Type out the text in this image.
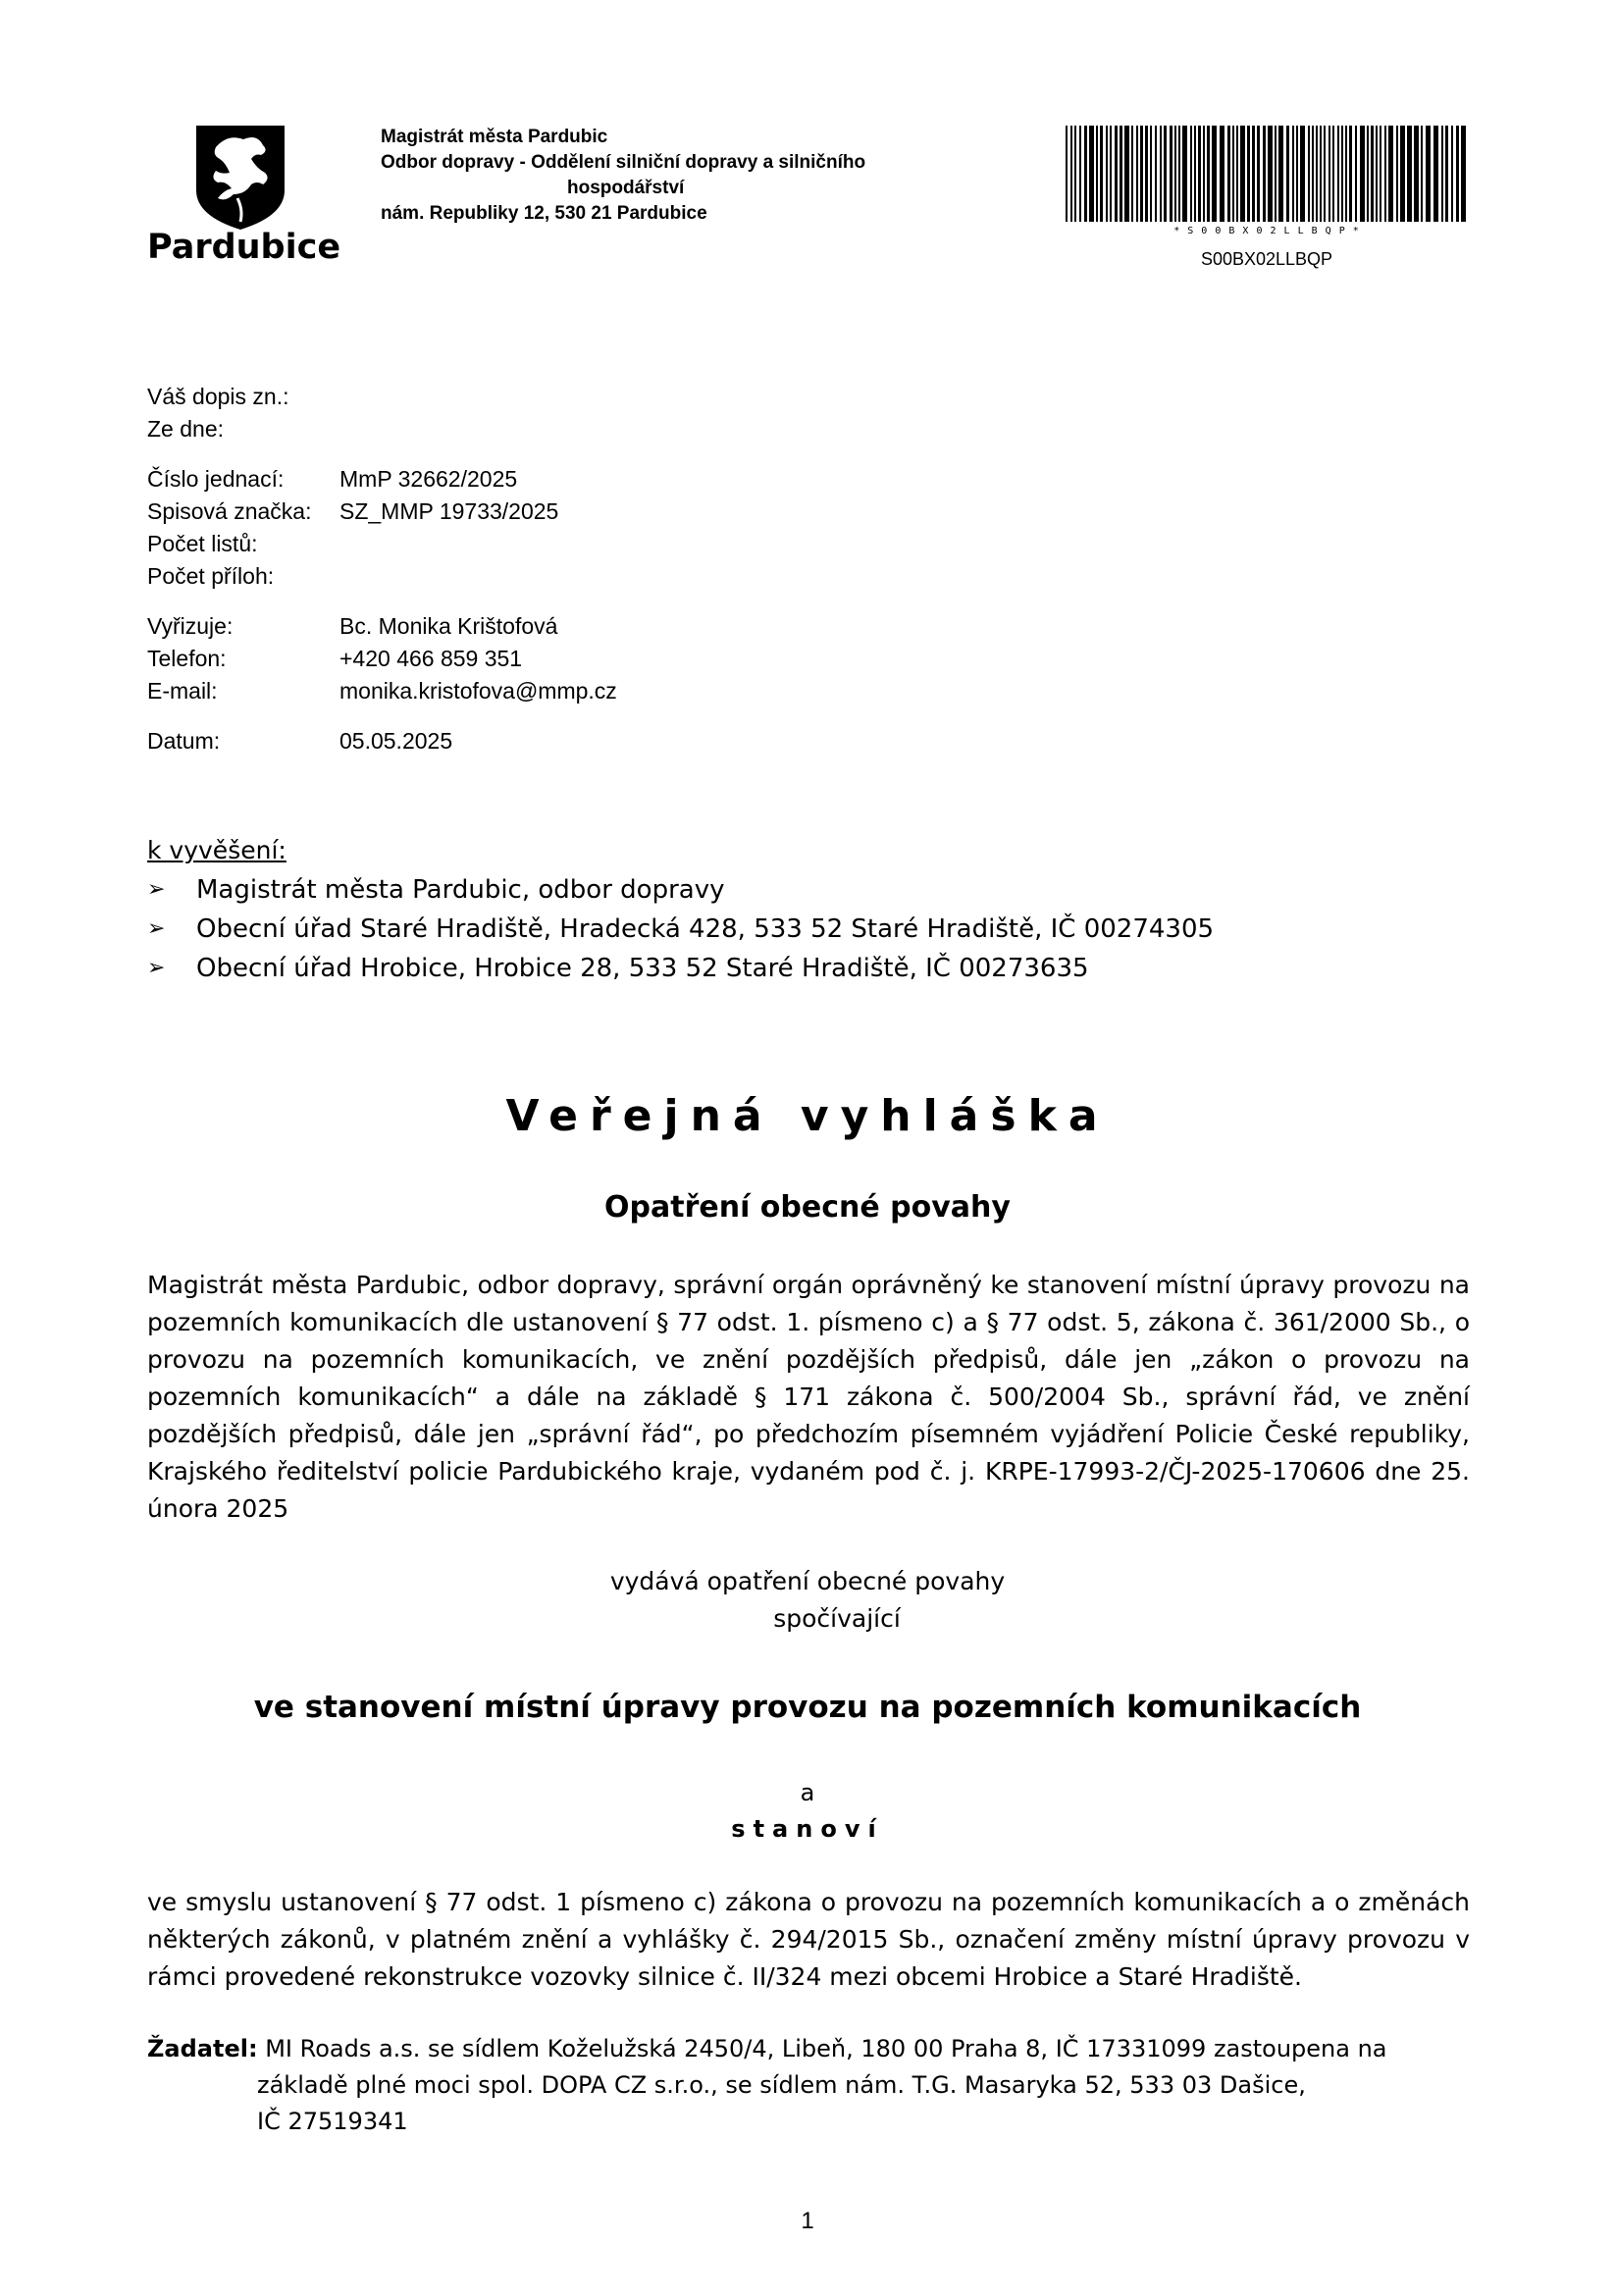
Pardubice
Magistrát města Pardubic
Odbor dopravy - Oddělení silniční dopravy a silničního
hospodářství
nám. Republiky 12, 530 21 Pardubice
* S 0 0 B X 0 2 L L B Q P *
S00BX02LLBQP
Váš dopis zn.:
Ze dne:
Číslo jednací:	MmP 32662/2025
Spisová značka:	SZ_MMP 19733/2025
Počet listů:
Počet příloh:
Vyřizuje:	Bc. Monika Krištofová
Telefon:	+420 466 859 351
E-mail:	monika.kristofova@mmp.cz
Datum:	05.05.2025
k vyvěšení:
➢	Magistrát města Pardubic, odbor dopravy
➢	Obecní úřad Staré Hradiště, Hradecká 428, 533 52 Staré Hradiště, IČ 00274305
➢	Obecní úřad Hrobice, Hrobice 28, 533 52 Staré Hradiště, IČ 00273635
Veřejná vyhláška
Opatření obecné povahy
Magistrát města Pardubic, odbor dopravy, správní orgán oprávněný ke stanovení místní úpravy provozu na pozemních komunikacích dle ustanovení § 77 odst. 1. písmeno c) a § 77 odst. 5, zákona č. 361/2000 Sb., o provozu na pozemních komunikacích, ve znění pozdějších předpisů, dále jen „zákon o provozu na pozemních komunikacích“ a dále na základě § 171 zákona č. 500/2004 Sb., správní řád, ve znění pozdějších předpisů, dále jen „správní řád“, po předchozím písemném vyjádření Policie České republiky, Krajského ředitelství policie Pardubického kraje, vydaném pod č. j. KRPE-17993-2/ČJ-2025-170606 dne 25. února 2025
vydává opatření obecné povahy
spočívající
ve stanovení místní úpravy provozu na pozemních komunikacích
a
stanoví
ve smyslu ustanovení § 77 odst. 1 písmeno c) zákona o provozu na pozemních komunikacích a o změnách některých zákonů, v platném znění a vyhlášky č. 294/2015 Sb., označení změny místní úpravy provozu v rámci provedené rekonstrukce vozovky silnice č. II/324 mezi obcemi Hrobice a Staré Hradiště.
Žadatel: MI Roads a.s. se sídlem Koželužská 2450/4, Libeň, 180 00 Praha 8, IČ 17331099 zastoupena na
základě plné moci spol. DOPA CZ s.r.o., se sídlem nám. T.G. Masaryka 52, 533 03 Dašice,
IČ 27519341
1
